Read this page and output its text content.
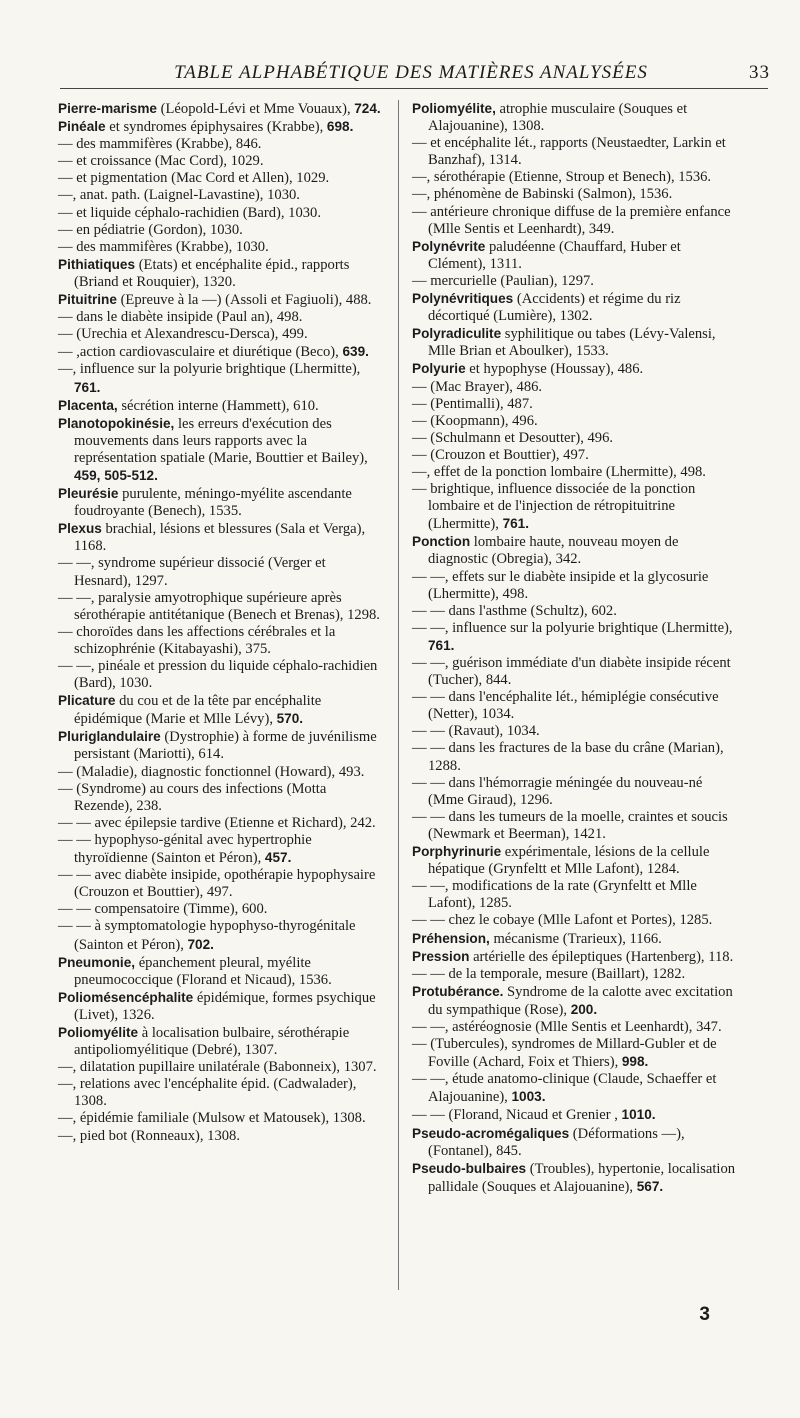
TABLE ALPHABÉTIQUE DES MATIÈRES ANALYSÉES	33

Pierre-marisme (Léopold-Lévi et Mme Vouaux), 724.

Pinéale et syndromes épiphysaires (Krabbe), 698.

— des mammifères (Krabbe), 846.

— et croissance (Mac Cord), 1029.

— et pigmentation (Mac Cord et Allen), 1029.

—, anat. path. (Laignel-Lavastine), 1030.

— et liquide céphalo-rachidien (Bard), 1030.

— en pédiatrie (Gordon), 1030.

— des mammifères (Krabbe), 1030.

Pithiatiques (Etats) et encéphalite épid., rapports (Briand et Rouquier), 1320.

Pituitrine (Epreuve à la —) (Assoli et Fagiuoli), 488.

— dans le diabète insipide (Paul an), 498.

— (Urechia et Alexandrescu-Dersca), 499.

— ,action cardiovasculaire et diurétique (Beco), 639.

—, influence sur la polyurie brightique (Lhermitte), 761.

Placenta, sécrétion interne (Hammett), 610.

Planotopokinésie, les erreurs d'exécution des mouvements dans leurs rapports avec la représentation spatiale (Marie, Bouttier et Bailey), 459, 505-512.

Pleurésie purulente, méningo-myélite ascendante foudroyante (Benech), 1535.

Plexus brachial, lésions et blessures (Sala et Verga), 1168.

— —, syndrome supérieur dissocié (Verger et Hesnard), 1297.

— —, paralysie amyotrophique supérieure après sérothérapie antitétanique (Benech et Brenas), 1298.

— choroïdes dans les affections cérébrales et la schizophrénie (Kitabayashi), 375.

— —, pinéale et pression du liquide céphalo-rachidien (Bard), 1030.

Plicature du cou et de la tête par encéphalite épidémique (Marie et Mlle Lévy), 570.

Pluriglandulaire (Dystrophie) à forme de juvénilisme persistant (Mariotti), 614.

— (Maladie), diagnostic fonctionnel (Howard), 493.

— (Syndrome) au cours des infections (Motta Rezende), 238.

— — avec épilepsie tardive (Etienne et Richard), 242.

— — hypophyso-génital avec hypertrophie thyroïdienne (Sainton et Péron), 457.

— — avec diabète insipide, opothérapie hypophysaire (Crouzon et Bouttier), 497.

— — compensatoire (Timme), 600.

— — à symptomatologie hypophyso-thyrogénitale (Sainton et Péron), 702.

Pneumonie, épanchement pleural, myélite pneumococcique (Florand et Nicaud), 1536.

Poliomésencéphalite épidémique, formes psychique (Livet), 1326.

Poliomyélite à localisation bulbaire, sérothérapie antipoliomyélitique (Debré), 1307.

—, dilatation pupillaire unilatérale (Babonneix), 1307.

—, relations avec l'encéphalite épid. (Cadwalader), 1308.

—, épidémie familiale (Mulsow et Matousek), 1308.

—, pied bot (Ronneaux), 1308.

Poliomyélite, atrophie musculaire (Souques et Alajouanine), 1308.

— et encéphalite lét., rapports (Neustaedter, Larkin et Banzhaf), 1314.

—, sérothérapie (Etienne, Stroup et Benech), 1536.

—, phénomène de Babinski (Salmon), 1536.

— antérieure chronique diffuse de la première enfance (Mlle Sentis et Leenhardt), 349.

Polynévrite paludéenne (Chauffard, Huber et Clément), 1311.

— mercurielle (Paulian), 1297.

Polynévritiques (Accidents) et régime du riz décortiqué (Lumière), 1302.

Polyradiculite syphilitique ou tabes (Lévy-Valensi, Mlle Brian et Aboulker), 1533.

Polyurie et hypophyse (Houssay), 486.

— (Mac Brayer), 486.

— (Pentimalli), 487.

— (Koopmann), 496.

— (Schulmann et Desoutter), 496.

— (Crouzon et Bouttier), 497.

—, effet de la ponction lombaire (Lhermitte), 498.

— brightique, influence dissociée de la ponction lombaire et de l'injection de rétropituitrine (Lhermitte), 761.

Ponction lombaire haute, nouveau moyen de diagnostic (Obregia), 342.

— —, effets sur le diabète insipide et la glycosurie (Lhermitte), 498.

— — dans l'asthme (Schultz), 602.

— —, influence sur la polyurie brightique (Lhermitte), 761.

— —, guérison immédiate d'un diabète insipide récent (Tucher), 844.

— — dans l'encéphalite lét., hémiplégie consécutive (Netter), 1034.

— — (Ravaut), 1034.

— — dans les fractures de la base du crâne (Marian), 1288.

— — dans l'hémorragie méningée du nouveau-né (Mme Giraud), 1296.

— — dans les tumeurs de la moelle, craintes et soucis (Newmark et Beerman), 1421.

Porphyrinurie expérimentale, lésions de la cellule hépatique (Grynfeltt et Mlle Lafont), 1284.

— —, modifications de la rate (Grynfeltt et Mlle Lafont), 1285.

— — chez le cobaye (Mlle Lafont et Portes), 1285.

Préhension, mécanisme (Trarieux), 1166.

Pression artérielle des épileptiques (Hartenberg), 118.

— — de la temporale, mesure (Baillart), 1282.

Protubérance. Syndrome de la calotte avec excitation du sympathique (Rose), 200.

— —, astéréognosie (Mlle Sentis et Leenhardt), 347.

— (Tubercules), syndromes de Millard-Gubler et de Foville (Achard, Foix et Thiers), 998.

— —, étude anatomo-clinique (Claude, Schaeffer et Alajouanine), 1003.

— — (Florand, Nicaud et Grenier , 1010.

Pseudo-acromégaliques (Déformations —), (Fontanel), 845.

Pseudo-bulbaires (Troubles), hypertonie, localisation pallidale (Souques et Alajouanine), 567.

3
